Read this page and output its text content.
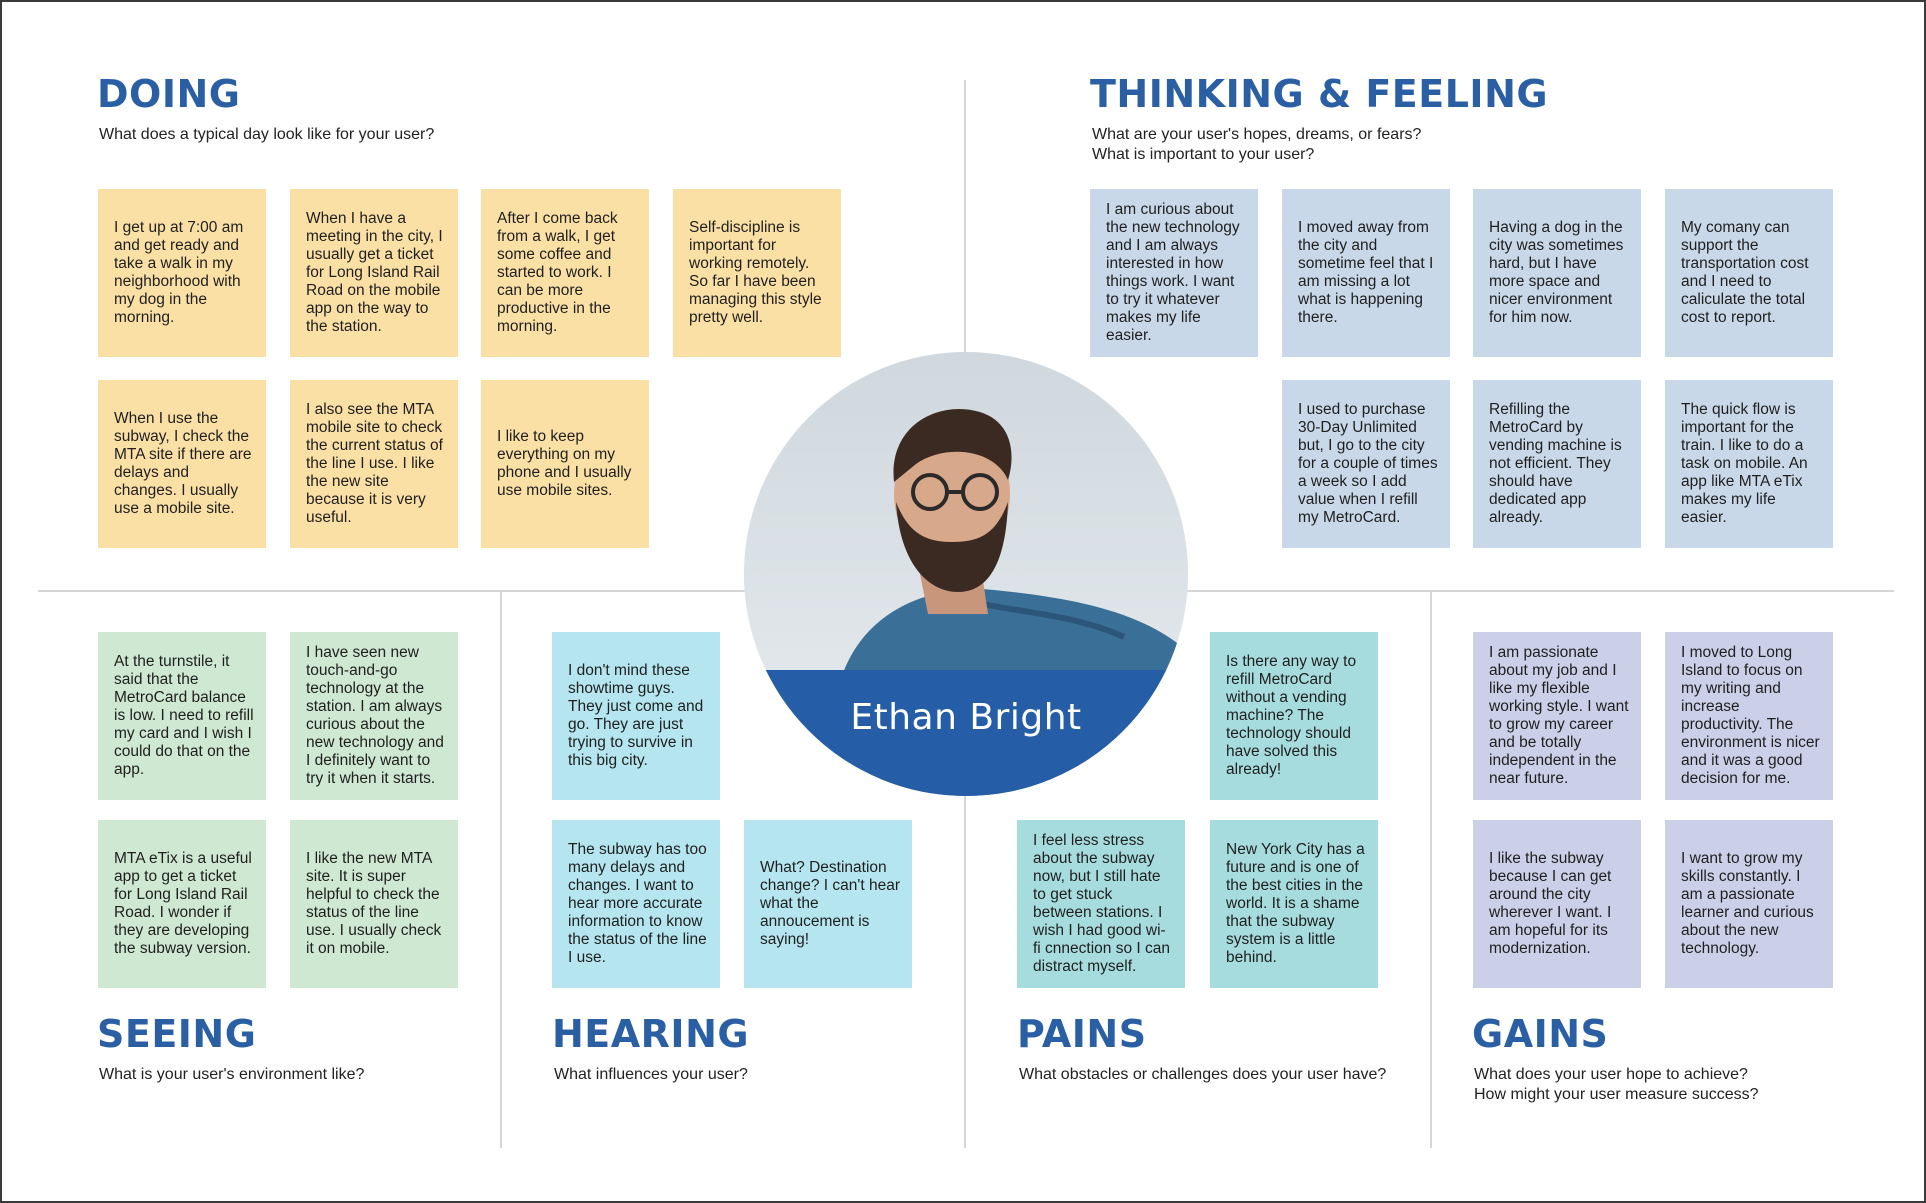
DOING

What does a typical day look like for your user?

I get up at 7:00 am and get ready and take a walk in my neighborhood with my dog in the morning.
When I have a meeting in the city, I usually get a ticket for Long Island Rail Road on the mobile app on the way to the station.
After I come back from a walk, I get some coffee and started to work. I can be more productive in the morning.
Self-discipline is important for working remotely. So far I have been managing this style pretty well.
When I use the subway, I check the MTA site if there are delays and changes. I usually use a mobile site.
I also see the MTA mobile site to check the current status of the line I use. I like the new site because it is very useful.
I like to keep everything on my phone and I usually use mobile sites.
THINKING & FEELING

What are your user's hopes, dreams, or fears?
What is important to your user?

I am curious about the new technology and I am always interested in how things work. I want to try it whatever makes my life easier.
I moved away from the city and sometime feel that I am missing a lot what is happening there.
Having a dog in the city was sometimes hard, but I have more space and nicer environment for him now.
My comany can support the transportation cost and I need to caliculate the total cost to report.
I used to purchase 30-Day Unlimited but, I go to the city for a couple of times a week so I add value when I refill my MetroCard.
Refilling the MetroCard by vending machine is not efficient. They should have dedicated app already.
The quick flow is important for the train. I like to do a task on mobile. An app like MTA eTix makes my life easier.
At the turnstile, it said that the MetroCard balance is low. I need to refill my card and I wish I could do that on the app.
I have seen new touch-and-go technology at the station. I am always curious about the new technology and I definitely want to try it when it starts.
MTA eTix is a useful app to get a ticket for Long Island Rail Road. I wonder if they are developing the subway version.
I like the new MTA site. It is super helpful to check the status of the line use. I usually check it on mobile.
SEEING

What is your user's environment like?

I don't mind these showtime guys. They just come and go. They are just trying to survive in this big city.
The subway has too many delays and changes. I want to hear more accurate information to know the status of the line I use.
What? Destination change? I can't hear what the annoucement is saying!
HEARING

What influences your user?

Is there any way to refill MetroCard without a vending machine? The technology should have solved this already!
I feel less stress about the subway now, but I still hate to get stuck between stations. I wish I had good wi-fi cnnection so I can distract myself.
New York City has a future and is one of the best cities in the world. It is a shame that the subway system is a little behind.
PAINS

What obstacles or challenges does your user have?

I am passionate about my job and I like my flexible working style. I want to grow my career and be totally independent in the near future.
I moved to Long Island to focus on my writing and increase productivity. The environment is nicer and it was a good decision for me.
I like the subway because I can get around the city wherever I want. I am hopeful for its modernization.
I want to grow my skills constantly. I am a passionate learner and curious about the new technology.
GAINS

What does your user hope to achieve?
How might your user measure success?

Ethan Bright
